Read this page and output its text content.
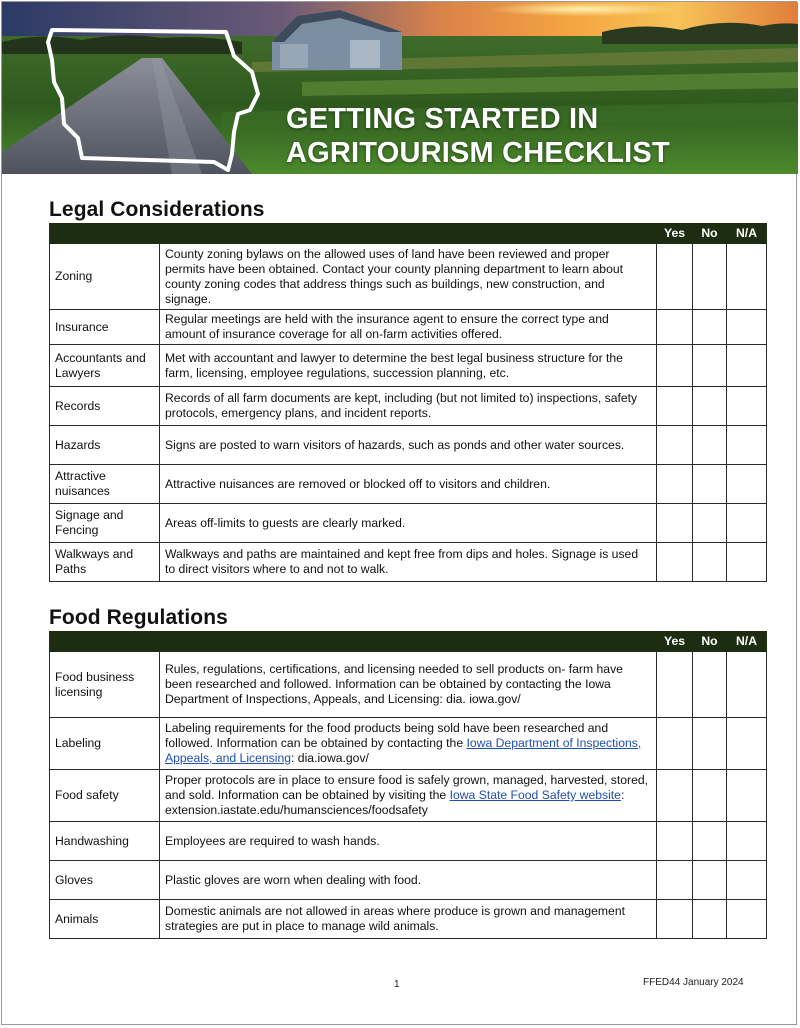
GETTING STARTED IN
AGRITOURISM CHECKLIST
Legal Considerations
		Yes	No	N/A
Zoning	County zoning bylaws on the allowed uses of land have been reviewed and proper permits have been obtained. Contact your county planning department to learn about county zoning codes that address things such as buildings, new construction, and signage.			
Insurance	Regular meetings are held with the insurance agent to ensure the correct type and amount of insurance coverage for all on-farm activities offered.			
Accountants and Lawyers	Met with accountant and lawyer to determine the best legal business structure for the farm, licensing, employee regulations, succession planning, etc.			
Records	Records of all farm documents are kept, including (but not limited to) inspections, safety protocols, emergency plans, and incident reports.			
Hazards	Signs are posted to warn visitors of hazards, such as ponds and other water sources.			
Attractive nuisances	Attractive nuisances are removed or blocked off to visitors and children.			
Signage and Fencing	Areas off-limits to guests are clearly marked.			
Walkways and Paths	Walkways and paths are maintained and kept free from dips and holes. Signage is used to direct visitors where to and not to walk.			
Food Regulations
		Yes	No	N/A
Food business licensing	Rules, regulations, certifications, and licensing needed to sell products on- farm have been researched and followed. Information can be obtained by contacting the Iowa Department of Inspections, Appeals, and Licensing: dia. iowa.gov/			
Labeling	Labeling requirements for the food products being sold have been researched and followed. Information can be obtained by contacting the Iowa Department of Inspections, Appeals, and Licensing: dia.iowa.gov/			
Food safety	Proper protocols are in place to ensure food is safely grown, managed, harvested, stored, and sold. Information can be obtained by visiting the Iowa State Food Safety website: extension.iastate.edu/humansciences/foodsafety			
Handwashing	Employees are required to wash hands.			
Gloves	Plastic gloves are worn when dealing with food.			
Animals	Domestic animals are not allowed in areas where produce is grown and management strategies are put in place to manage wild animals.			
1	FFED44 January 2024
